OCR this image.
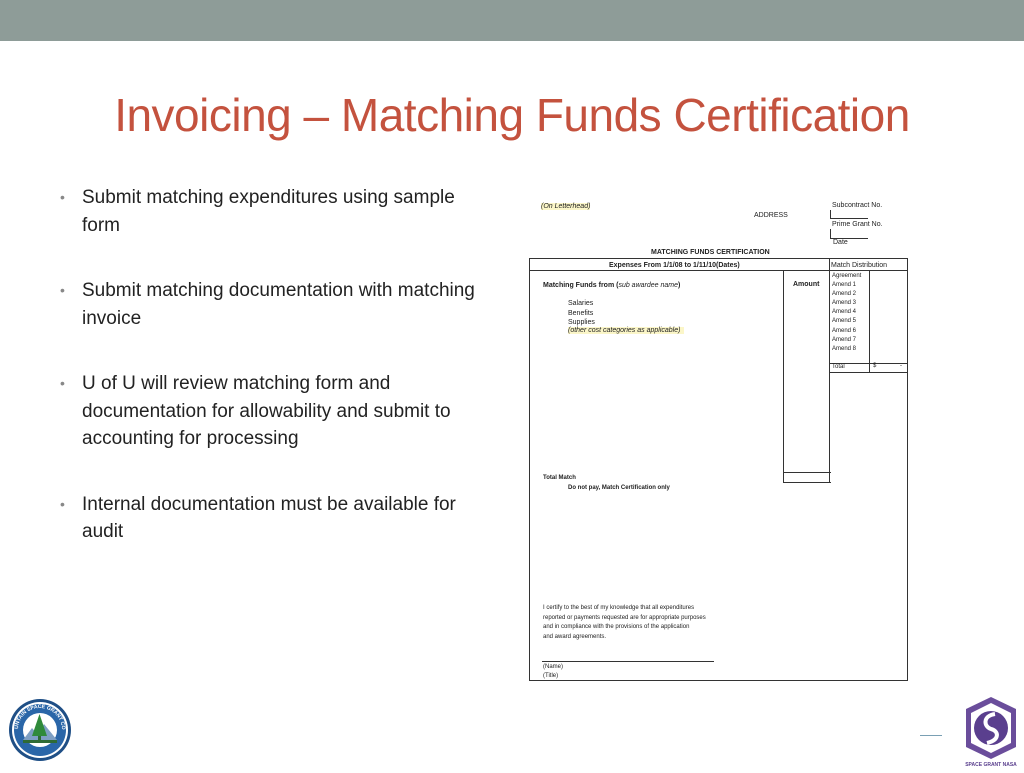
Invoicing – Matching Funds Certification
• Submit matching expenditures using sample form
• Submit matching documentation with matching invoice
• U of U will review matching form and documentation for allowability and submit to accounting for processing
• Internal documentation must be available for audit
(On Letterhead)
ADDRESS
Subcontract No.
Prime Grant No.
Date
MATCHING FUNDS CERTIFICATION
Expenses From 1/1/08 to 1/11/10(Dates)	Match Distribution
Amount
Matching Funds from (sub awardee name)
Salaries
Benefits
Supplies
(other cost categories as applicable)
Agreement
Amend 1
Amend 2
Amend 3
Amend 4
Amend 5
Amend 6
Amend 7
Amend 8
Total	$	-
Total Match
Do not pay, Match Certification only
I certify to the best of my knowledge that all expenditures
reported or payments requested are for appropriate purposes
and in compliance with the provisions of the application
and award agreements.
(Name)
(Title)
UNTAIN SPACE GRANT CO
SPACE GRANT NASA
